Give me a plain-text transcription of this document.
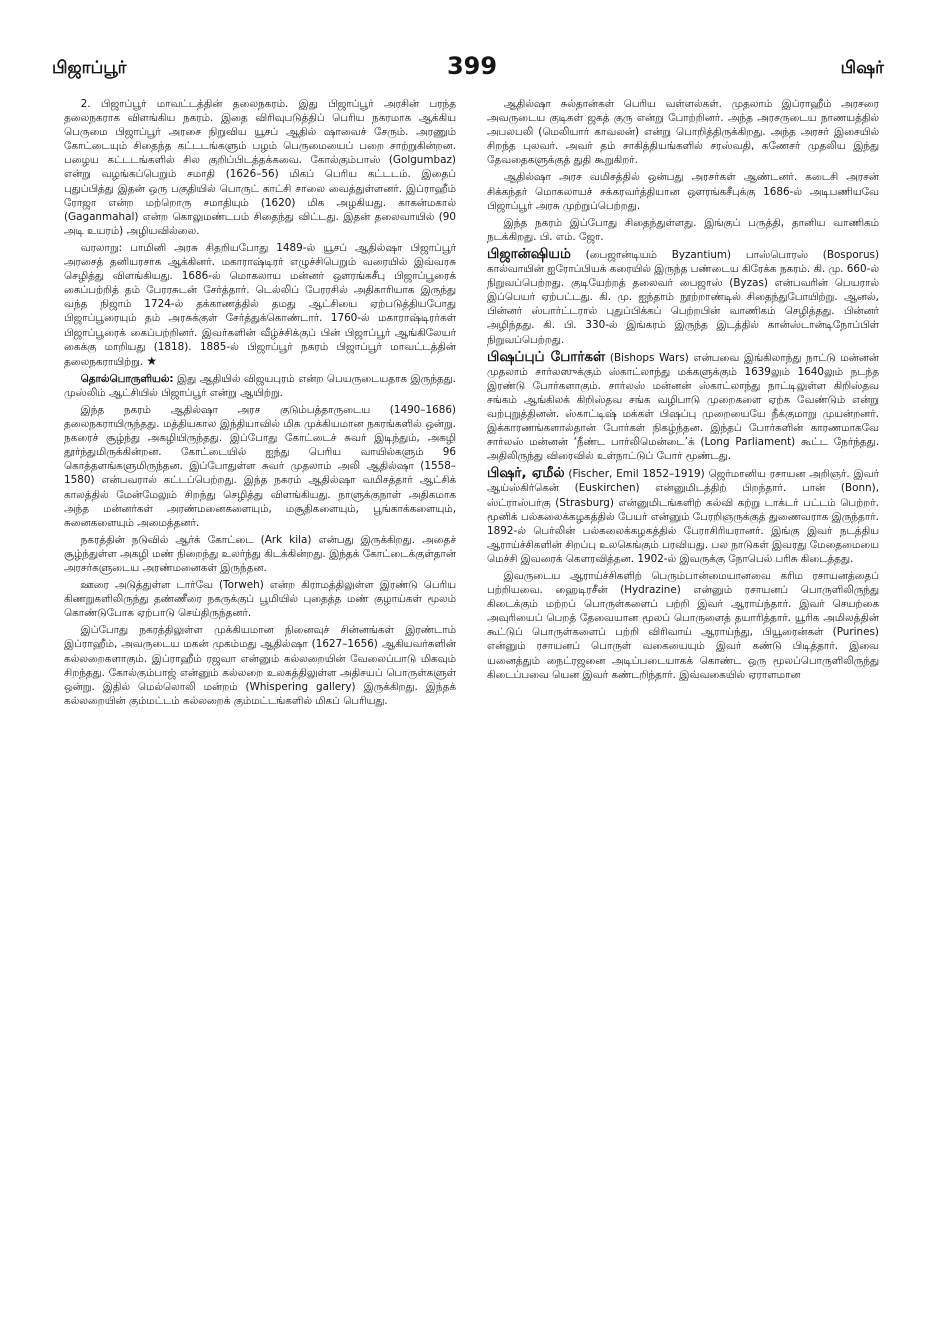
பிஜாப்பூர்	399	பிஷர்

2. பிஜாப்பூர் மாவட்டத்தின் தலைநகரம். இது பிஜாப்பூர் அரசின் பரந்த தலைநகராக விளங்கிய நகரம். இதை விரிவுபடுத்திப் பெரிய நகரமாக ஆக்கிய பெருமை பிஜாப்பூர் அரசை நிறுவிய யூசப் ஆதில் ஷாவைச் சேரும். அரணும் கோட்டையும் சிதைந்த கட்டடங்களும் பழம் பெருமையைப் பறை சாற்றுகின்றன. பழைய கட்டடங்களில் சில குறிப்பிடத்தக்கவை. கோல்கும்பாஸ் (Golgumbaz) என்று வழங்கப்பெறும் சமாதி (1626–56) மிகப் பெரிய கட்டடம். இதைப் புதுப்பித்து இதன் ஒரு பகுதியில் பொருட் காட்சி சாலை வைத்துள்ளனர். இப்ராஹீம் ரோஜா என்ற மற்றொரு சமாதியும் (1620) மிக அழகியது. காகன்மகால் (Gaganmahal) என்ற கொலுமண்டபம் சிதைந்து விட்டது. இதன் தலைவாயில் (90 அடி உயரம்) அழியவில்லை.

வரலாறு: பாமினி அரசு சிதறியபோது 1489-ல் யூசப் ஆதில்ஷா பிஜாப்பூர் அரசைத் தனியரசாக ஆக்கினர். மகாராஷ்டிரர் எழுச்சிபெறும் வரையில் இவ்வரசு செழித்து விளங்கியது. 1686-ல் மொகலாய மன்னர் ஔரங்கசீபு பிஜாப்பூரைக் கைப்பற்றித் தம் பேரரசுடன் சேர்த்தார். டெல்லிப் பேரரசில் அதிகாரியாக இருந்து வந்த நிஜாம் 1724-ல் தக்காணத்தில் தமது ஆட்சியை ஏற்படுத்தியபோது பிஜாப்பூரையும் தம் அரசுக்குள் சேர்த்துக்கொண்டார். 1760-ல் மகாராஷ்டிரர்கள் பிஜாப்பூரைக் கைப்பற்றினர். இவர்களின் வீழ்ச்சிக்குப் பின் பிஜாப்பூர் ஆங்கிலேயர் கைக்கு மாறியது (1818). 1885-ல் பிஜாப்பூர் நகரம் பிஜாப்பூர் மாவட்டத்தின் தலைநகராயிற்று. ★

தொல்பொருளியல்: இது ஆதியில் விஜயபுரம் என்ற பெயருடையதாக இருந்தது. முஸ்லிம் ஆட்சியில் பிஜாப்பூர் என்று ஆயிற்று.

இந்த நகரம் ஆதில்ஷா அரச குடும்பத்தாருடைய (1490–1686) தலைநகராயிருந்தது. மத்தியகால இந்தியாவில் மிக முக்கியமான நகரங்களில் ஒன்று. நகரைச் சூழ்ந்து அகழியிருந்தது. இப்போது கோட்டைச் சுவர் இடிந்தும், அகழி தூர்ந்துமிருக்கின்றன. கோட்டையில் ஐந்து பெரிய வாயில்களும் 96 கொத்தளங்களுமிருந்தன. இப்போதுள்ள சுவர் முதலாம் அலி ஆதில்ஷா (1558–1580) என்பவரால் கட்டப்பெற்றது. இந்த நகரம் ஆதில்ஷா வமிசத்தார் ஆட்சிக் காலத்தில் மேன்மேலும் சிறந்து செழித்து விளங்கியது. நாளுக்குநாள் அதிகமாக அந்த மன்னர்கள் அரண்மனைகளையும், மசூதிகளையும், பூங்காக்களையும், சுனைகளையும் அமைத்தனர்.

நகரத்தின் நடுவில் ஆர்க் கோட்டை (Ark kila) என்பது இருக்கிறது. அதைச் சூழ்ந்துள்ள அகழி மண் நிறைந்து உலர்ந்து கிடக்கின்றது. இந்தக் கோட்டைக்குள்தான் அரசர்களுடைய அரண்மனைகள் இருந்தன.

ஊரை அடுத்துள்ள டார்வே (Torweh) என்ற கிராமத்திலுள்ள இரண்டு பெரிய கிணறுகளிலிருந்து தண்ணீரை நகருக்குப் பூமியில் புதைத்த மண் குழாய்கள் மூலம் கொண்டுபோக ஏற்பாடு செய்திருந்தனர்.

இப்போது நகரத்திலுள்ள முக்கியமான நினைவுச் சின்னங்கள் இரண்டாம் இப்ராஹீம், அவருடைய மகன் முகம்மது ஆதில்ஷா (1627–1656) ஆகியவர்களின் கல்லறைகளாகும். இப்ராஹீம் ரஜவா என்னும் கல்லறையின் வேலைப்பாடு மிகவும் சிறந்தது. கோல்கும்பாஜ் என்னும் கல்லறை உலகத்திலுள்ள அதிசயப் பொருள்களுள் ஒன்று. இதில் மெல்லொலி மன்றம் (Whispering gallery) இருக்கிறது. இந்தக் கல்லறையின் கும்மட்டம் கல்லறைக் கும்மட்டங்களில் மிகப் பெரியது.

ஆதில்ஷா சுல்தான்கள் பெரிய வள்ளல்கள். முதலாம் இப்ராஹீம் அரசரை அவருடைய குடிகள் ஜகத் குரு என்று போற்றினர். அந்த அரசருடைய நாணயத்தில் அபலபலி (மெலியார் காவலன்) என்று பொறித்திருக்கிறது. அந்த அரசர் இசையில் சிறந்த புலவர். அவர் தம் சாகித்தியங்களில் சரஸ்வதி, கணேசர் முதலிய இந்து தேவதைகளுக்குத் துதி கூறுகிறர்.

ஆதில்ஷா அரச வமிசத்தில் ஒன்பது அரசர்கள் ஆண்டனர். கடைசி அரசன் சிக்கந்தர் மொகலாயச் சக்கரவர்த்தியான ஔரங்கசீபுக்கு 1686-ல் அடிபணியவே பிஜாப்பூர் அரசு முற்றுப்பெற்றது.

இந்த நகரம் இப்போது சிதைந்துள்ளது. இங்குப் பருத்தி, தானிய வாணிகம் நடக்கிறது. பி. எம். ஜோ.

பிஜான்ஷியம் (பைஜான்டியம் Byzantium) பாஸ்பொரஸ் (Bosporus) கால்வாயின் ஐரோப்பியக் கரையில் இருந்த பண்டைய கிரேக்க நகரம். கி. மு. 660-ல் நிறுவப்பெற்றது. குடியேற்றத் தலைவர் பைஜாஸ் (Byzas) என்பவரின் பெயரால் இப்பெயர் ஏற்பட்டது. கி. மு. ஐந்தாம் நூற்றாண்டில் சிதைந்துபோயிற்று. ஆனல், பின்னர் ஸ்பார்ட்டரால் புதுப்பிக்கப் பெற்றபின் வாணிகம் செழித்தது. பின்னர் அழிந்தது. கி. பி. 330-ல் இங்கரம் இருந்த இடத்தில் கான்ஸ்டான்டிநோப்பிள் நிறுவப்பெற்றது.

பிஷப்புப் போர்கள் (Bishops Wars) என்பவை இங்கிலாந்து நாட்டு மன்னன் முதலாம் சார்லஸுக்கும் ஸ்காட்லாந்து மக்களுக்கும் 1639லும் 1640லும் நடந்த இரண்டு போர்களாகும். சார்லஸ் மன்னன் ஸ்காட்லாந்து நாட்டிலுள்ள கிறிஸ்தவ சங்கம் ஆங்கிலக் கிறிஸ்தவ சங்க வழிபாடு முறைகளை ஏற்க வேண்டும் என்று வற்புறுத்தினன். ஸ்காட்டிஷ் மக்கள் பிஷப்பு முறையையே நீக்குமாறு முயன்றனர். இக்காரணங்களால்தான் போர்கள் நிகழ்ந்தன. இந்தப் போர்களின் காரணமாகவே சார்லஸ் மன்னன் ‘நீண்ட பார்லிமென்டை’க் (Long Parliament) கூட்ட நேர்ந்தது. அதிலிருந்து விரைவில் உள்நாட்டுப் போர் மூண்டது.

பிஷர், ஏமீல் (Fischer, Emil 1852–1919) ஜெர்மானிய ரசாயன அறிஞர். இவர் ஆய்ஸ்கிர்கென் (Euskirchen) என்னுமிடத்திற் பிறந்தார். பான் (Bonn), ஸ்ட்ராஸ்பர்கு (Strasburg) என்னுமிடங்களிற் கல்வி கற்று டாக்டர் பட்டம் பெற்றர். மூனிக் பல்கலைக்கழகத்தில் பேயர் என்னும் பேரறிஞருக்குத் துணைவராக இருந்தார். 1892-ல் பெர்லின் பல்கலைக்கழகத்தில் பேராசிரியரானர். இங்கு இவர் நடத்திய ஆராய்ச்சிகளின் சிறப்பு உலகெங்கும் பரவியது. பல நாடுகள் இவரது மேதைமையை மெச்சி இவரைக் கௌரவித்தன. 1902-ல் இவருக்கு நோபெல் பரிசு கிடைத்தது.

இவருடைய ஆராய்ச்சிகளிற் பெரும்பான்மையானவை கரிம ரசாயனத்தைப் பற்றியவை. ஹைடிரசீன் (Hydrazine) என்னும் ரசாயனப் பொருளிலிருந்து கிடைக்கும் மற்றப் பொருள்களைப் பற்றி இவர் ஆராய்ந்தார். இவர் செயற்கை அவுரியைப் பெறத் தேவையான மூலப் பொருளைத் தயாரித்தார். யூரிக அமிலத்தின் கூட்டுப் பொருள்களைப் பற்றி விரிவாய் ஆராய்ந்து, பியூரைன்கள் (Purines) என்னும் ரசாயனப் பொருள் வகையையும் இவர் கண்டு பிடித்தார். இவை யனைத்தும் நைட்ரஜனை அடிப்படையாகக் கொண்ட ஒரு மூலப்பொருளிலிருந்து கிடைப்பவை யென இவர் கண்டறிந்தார். இவ்வகையில் ஏராளமான
